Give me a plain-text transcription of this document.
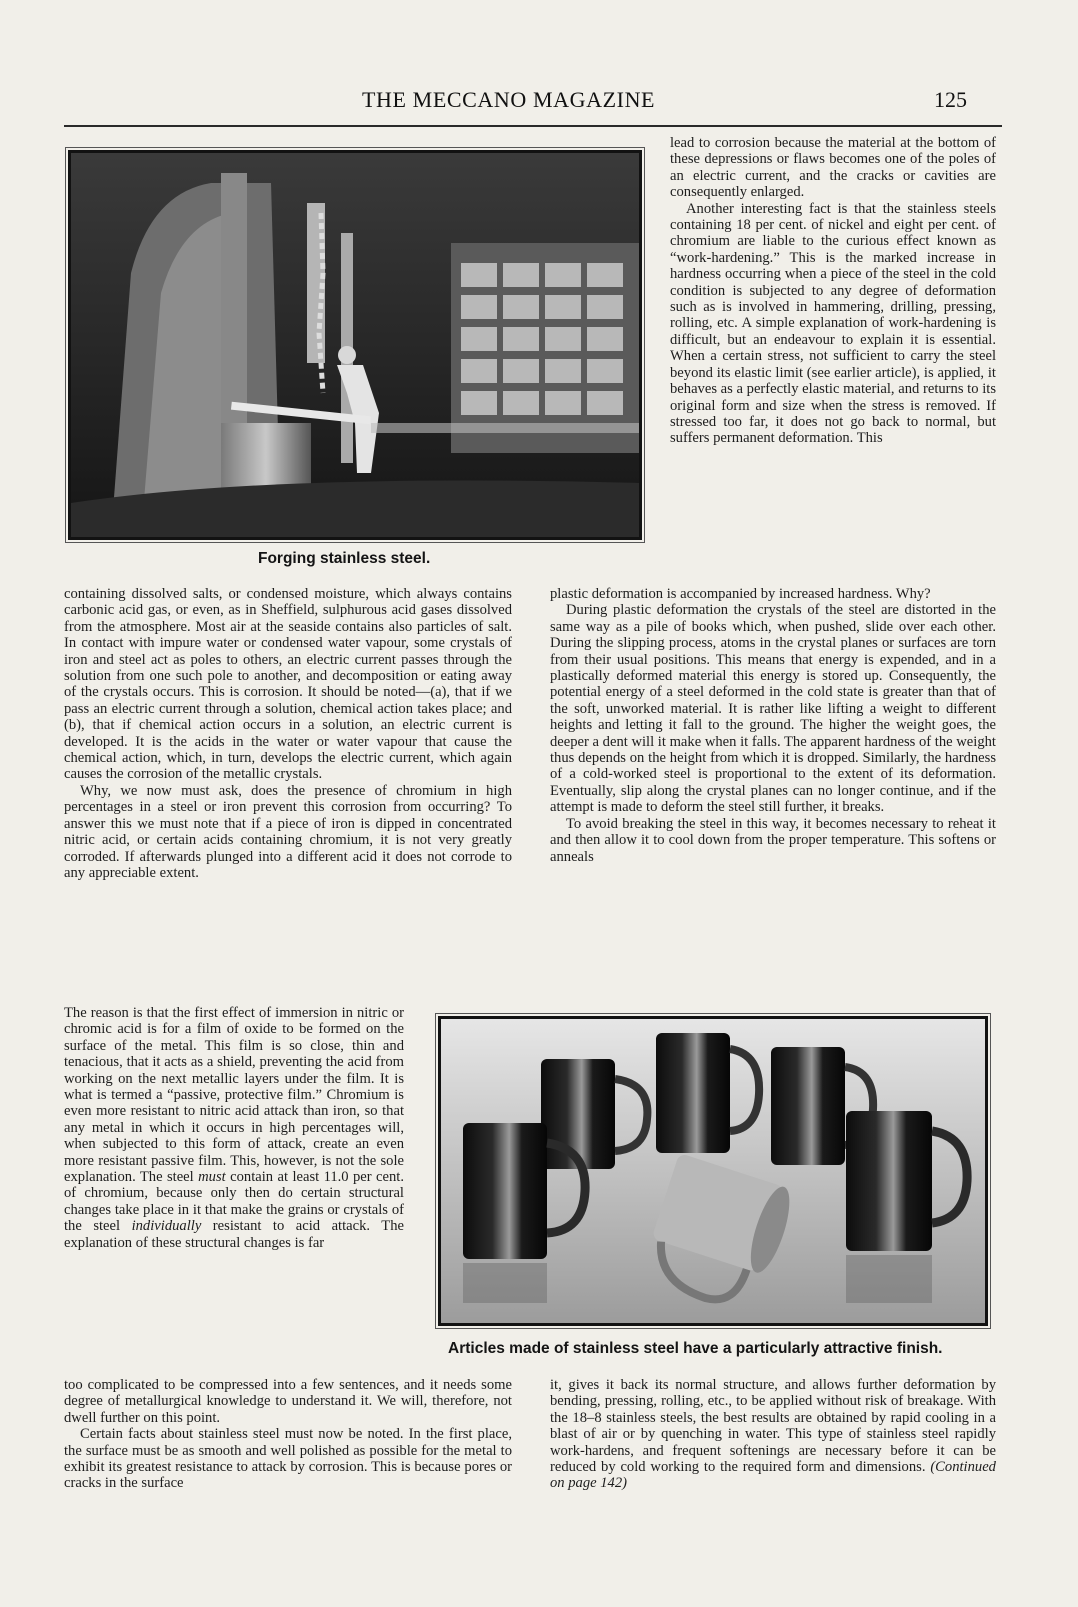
THE MECCANO MAGAZINE	125
Forging stainless steel.

lead to corrosion because the material at the bottom of these depressions or flaws becomes one of the poles of an electric current, and the cracks or cavities are consequently enlarged.

Another interesting fact is that the stainless steels containing 18 per cent. of nickel and eight per cent. of chromium are liable to the curious effect known as “work-hardening.” This is the marked increase in hardness occurring when a piece of the steel in the cold condition is subjected to any degree of deformation such as is involved in hammering, drilling, pressing, rolling, etc. A simple explanation of work-hardening is difficult, but an endeavour to explain it is essential. When a certain stress, not sufficient to carry the steel beyond its elastic limit (see earlier article), is applied, it behaves as a perfectly elastic material, and returns to its original form and size when the stress is removed. If stressed too far, it does not go back to normal, but suffers permanent deformation. This

containing dissolved salts, or condensed moisture, which always contains carbonic acid gas, or even, as in Sheffield, sulphurous acid gases dissolved from the atmosphere. Most air at the seaside contains also particles of salt. In contact with impure water or condensed water vapour, some crystals of iron and steel act as poles to others, an electric current passes through the solution from one such pole to another, and decomposition or eating away of the crystals occurs. This is corrosion. It should be noted—(a), that if we pass an electric current through a solution, chemical action takes place; and (b), that if chemical action occurs in a solution, an electric current is developed. It is the acids in the water or water vapour that cause the chemical action, which, in turn, develops the electric current, which again causes the corrosion of the metallic crystals.

Why, we now must ask, does the presence of chromium in high percentages in a steel or iron prevent this corrosion from occurring? To answer this we must note that if a piece of iron is dipped in concentrated nitric acid, or certain acids containing chromium, it is not very greatly corroded. If afterwards plunged into a different acid it does not corrode to any appreciable extent.

plastic deformation is accompanied by increased hardness. Why?

During plastic deformation the crystals of the steel are distorted in the same way as a pile of books which, when pushed, slide over each other. During the slipping process, atoms in the crystal planes or surfaces are torn from their usual positions. This means that energy is expended, and in a plastically deformed material this energy is stored up. Consequently, the potential energy of a steel deformed in the cold state is greater than that of the soft, unworked material. It is rather like lifting a weight to different heights and letting it fall to the ground. The higher the weight goes, the deeper a dent will it make when it falls. The apparent hardness of the weight thus depends on the height from which it is dropped. Similarly, the hardness of a cold-worked steel is proportional to the extent of its deformation. Eventually, slip along the crystal planes can no longer continue, and if the attempt is made to deform the steel still further, it breaks.

To avoid breaking the steel in this way, it becomes necessary to reheat it and then allow it to cool down from the proper temperature. This softens or anneals

The reason is that the first effect of immersion in nitric or chromic acid is for a film of oxide to be formed on the surface of the metal. This film is so close, thin and tenacious, that it acts as a shield, preventing the acid from working on the next metallic layers under the film. It is what is termed a “passive, protective film.” Chromium is even more resistant to nitric acid attack than iron, so that any metal in which it occurs in high percentages will, when subjected to this form of attack, create an even more resistant passive film. This, however, is not the sole explanation. The steel must contain at least 11.0 per cent. of chromium, because only then do certain structural changes take place in it that make the grains or crystals of the steel individually resistant to acid attack. The explanation of these structural changes is far

Articles made of stainless steel have a particularly attractive finish.

too complicated to be compressed into a few sentences, and it needs some degree of metallurgical knowledge to understand it. We will, therefore, not dwell further on this point.

Certain facts about stainless steel must now be noted. In the first place, the surface must be as smooth and well polished as possible for the metal to exhibit its greatest resistance to attack by corrosion. This is because pores or cracks in the surface

it, gives it back its normal structure, and allows further deformation by bending, pressing, rolling, etc., to be applied without risk of breakage. With the 18–8 stainless steels, the best results are obtained by rapid cooling in a blast of air or by quenching in water. This type of stainless steel rapidly work-hardens, and frequent softenings are necessary before it can be reduced by cold working to the required form and dimensions. (Continued on page 142)
